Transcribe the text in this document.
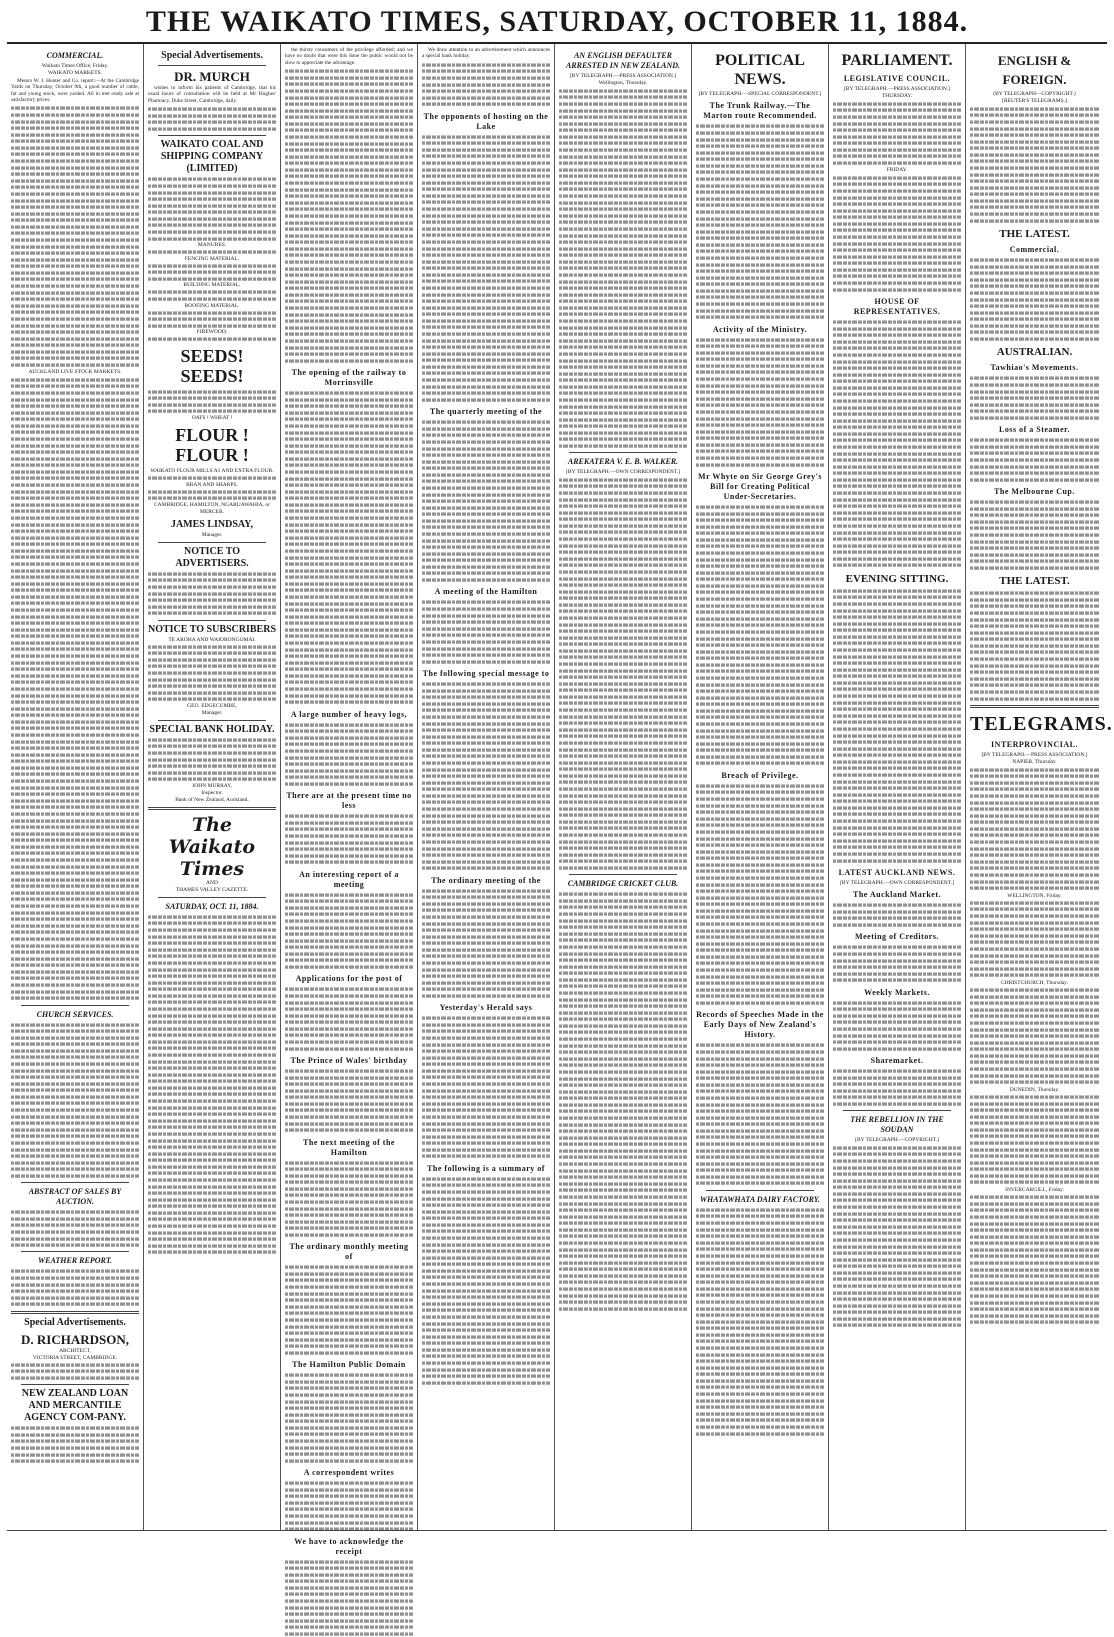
THE WAIKATO TIMES, SATURDAY, OCTOBER 11, 1884.
COMMERCIAL.
Waikato Times Office, Friday.
WAIKATO MARKETS.

Messrs W. J. Hunter and Co. report:—At the Cambridge Yards on Thursday, October 9th, a good number of cattle, fat and young stock, were yarded. All in met ready sale at satisfactory prices.

AUCKLAND LIVE STOCK MARKETS.
CHURCH SERVICES.
ABSTRACT OF SALES BY AUCTION.
WEATHER REPORT.
Special Advertisements.
D. RICHARDSON,
ARCHITECT,
VICTORIA STREET, CAMBRIDGE.
NEW ZEALAND LOAN AND MERCANTILE AGENCY COM-PANY.
Special Advertisements.
DR. MURCH

wishes to inform his patients of Cambridge, that his usual hours of consultation will be held at Mr Hughes' Pharmacy, Duke Street, Cambridge, daily.

WAIKATO COAL AND SHIPPING COMPANY (LIMITED)
MANURES.
FENCING MATERIAL.
BUILDING MATERIAL.
ROOFING MATERIAL.
FIREWOOD.
SEEDS! SEEDS!
OATS ! WHEAT !
FLOUR ! FLOUR !
WAIKATO FLOUR MILLS A1 AND EXTRA FLOUR.
BRAN AND SHARPS.
CAMBRIDGE, HAMILTON, NGARUAWAHIA, or MERCER.
JAMES LINDSAY,
Manager.
NOTICE TO ADVERTISERS.
NOTICE TO SUBSCRIBERS
TE AROHA AND WAIORONGOMAI.
GEO. EDGECUMBE,
Manager.
SPECIAL BANK HOLIDAY.
JOHN MURRAY,
Inspector.
Bank of New Zealand, Auckland.
The Waikato Times
AND
THAMES VALLEY GAZETTE.
SATURDAY, OCT. 11, 1884.

the thirsty consumers of the privilege afforded; and we have no doubt that were this done the public would not be slow to appreciate the advantage.

The opening of the railway to Morrinsville
A large number of heavy logs,
There are at the present time no less
An interesting report of a meeting
Applications for the post of
The Prince of Wales' birthday
The next meeting of the Hamilton
The ordinary monthly meeting of
The Hamilton Public Domain
A correspondent writes
We have to acknowledge the receipt

We draw attention to an advertisement which announces a special bank holiday.

The opponents of hosting on the Lake
The quarterly meeting of the
A meeting of the Hamilton
The following special message to
The ordinary meeting of the
Yesterday's Herald says
The following is a summary of
AN ENGLISH DEFAULTER ARRESTED IN NEW ZEALAND.
[BY TELEGRAPH.—PRESS ASSOCIATION.]
Wellington, Thursday.
AREKATERA V. E. B. WALKER.
[BY TELEGRAPH.—OWN CORRESPONDENT.]
CAMBRIDGE CRICKET CLUB.
POLITICAL NEWS.
[BY TELEGRAPH.—SPECIAL CORRESPONDENT.]
The Trunk Railway.—The Marton route Recommended.
Activity of the Ministry.
Mr Whyte on Sir George Grey's Bill for Creating Political Under-Secretaries.
Breach of Privilege.
Records of Speeches Made in the Early Days of New Zealand's History.
WHATAWHATA DAIRY FACTORY.
PARLIAMENT.
LEGISLATIVE COUNCIL.
[BY TELEGRAPH.—PRESS ASSOCIATION.]
THURSDAY.
FRIDAY.
HOUSE OF REPRESENTATIVES.
EVENING SITTING.
LATEST AUCKLAND NEWS.
[BY TELEGRAPH.—OWN CORRESPONDENT.]
The Auckland Market.
Meeting of Creditors.
Weekly Markets.
Sharemarket.
THE REBELLION IN THE SOUDAN
[BY TELEGRAPH.—COPYRIGHT.]
ENGLISH & FOREIGN.
(BY TELEGRAPH—COPYRIGHT.)
[REUTER'S TELEGRAMS.]
THE LATEST.
Commercial.
AUSTRALIAN.
Tawhiao's Movements.
Loss of a Steamer.
The Melbourne Cup.
THE LATEST.
TELEGRAMS.
INTERPROVINCIAL.
[BY TELEGRAPH.—PRESS ASSOCIATION.]
NAPIER, Thursday.
WELLINGTON, Friday.
CHRISTCHURCH, Thursday.
DUNEDIN, Thursday.
INVERCARGILL, Friday.
